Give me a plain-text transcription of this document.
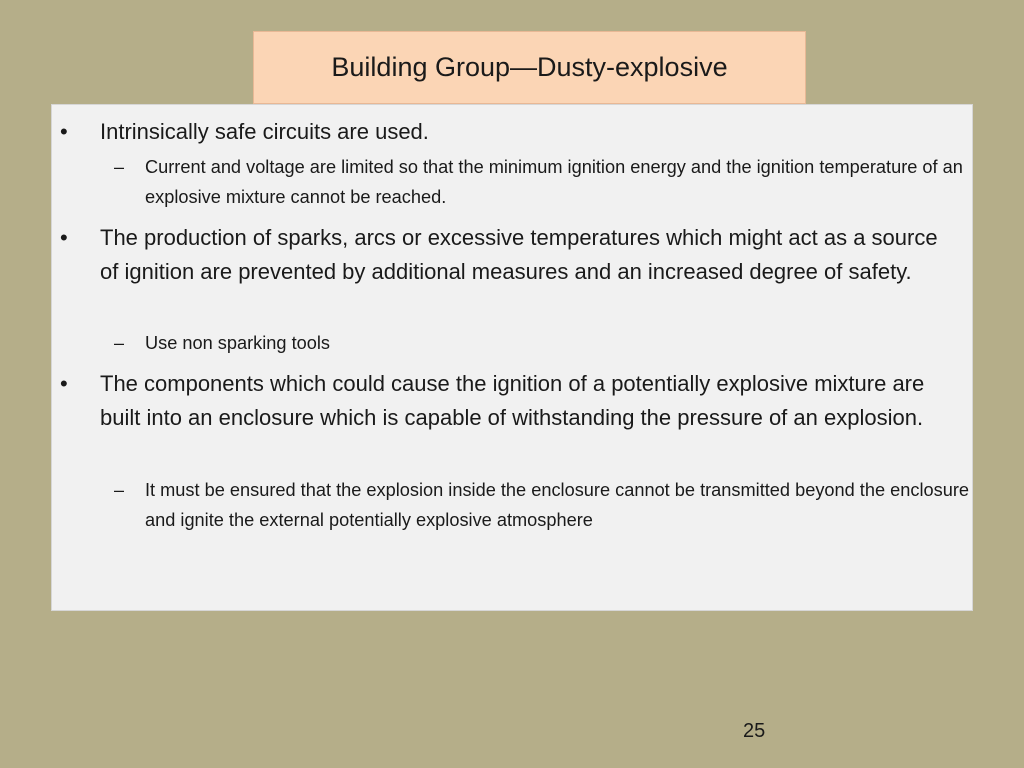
Building Group—Dusty-explosive
• Intrinsically safe circuits are used.
– Current and voltage are limited so that the minimum ignition energy and the ignition temperature of an explosive mixture cannot be reached.
• The production of sparks, arcs or excessive temperatures which might act as a source of ignition are prevented by additional measures and an increased degree of safety.
– Use non sparking tools
• The components which could cause the ignition of a potentially explosive mixture are built into an enclosure which is capable of withstanding the pressure of an explosion.
– It must be ensured that the explosion inside the enclosure cannot be transmitted beyond the enclosure and ignite the external potentially explosive atmosphere
25
